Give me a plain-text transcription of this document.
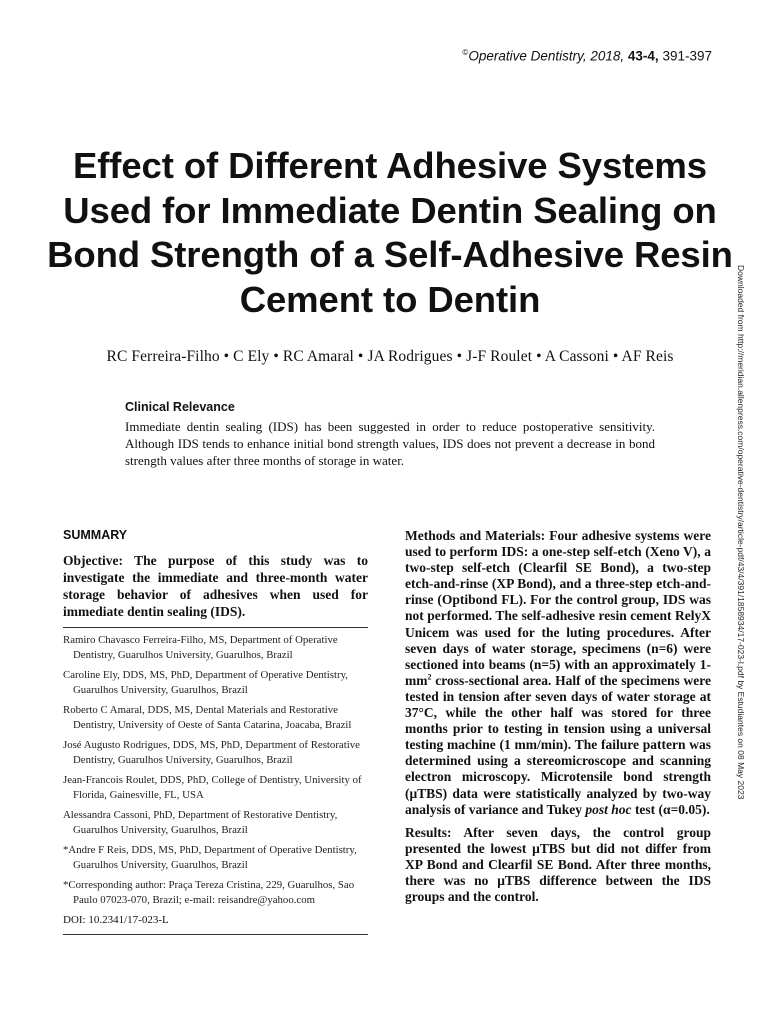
©Operative Dentistry, 2018, 43-4, 391-397
Effect of Different Adhesive Systems Used for Immediate Dentin Sealing on Bond Strength of a Self-Adhesive Resin Cement to Dentin
RC Ferreira-Filho • C Ely • RC Amaral • JA Rodrigues • J-F Roulet • A Cassoni • AF Reis
Clinical Relevance
Immediate dentin sealing (IDS) has been suggested in order to reduce postoperative sensitivity. Although IDS tends to enhance initial bond strength values, IDS does not prevent a decrease in bond strength values after three months of storage in water.	Downloaded from http://meridian.allenpress.com/operative-dentistry/article-pdf/43/4/391/1858934/17-023-l.pdf by Estudiantes on 08 May 2023
SUMMARY
Objective: The purpose of this study was to investigate the immediate and three-month water storage behavior of adhesives when used for immediate dentin sealing (IDS).
Ramiro Chavasco Ferreira-Filho, MS, Department of Operative Dentistry, Guarulhos University, Guarulhos, Brazil
Caroline Ely, DDS, MS, PhD, Department of Operative Dentistry, Guarulhos University, Guarulhos, Brazil
Roberto C Amaral, DDS, MS, Dental Materials and Restorative Dentistry, University of Oeste of Santa Catarina, Joacaba, Brazil
José Augusto Rodrigues, DDS, MS, PhD, Department of Restorative Dentistry, Guarulhos University, Guarulhos, Brazil
Jean-Francois Roulet, DDS, PhD, College of Dentistry, University of Florida, Gainesville, FL, USA
Alessandra Cassoni, PhD, Department of Restorative Dentistry, Guarulhos University, Guarulhos, Brazil
*Andre F Reis, DDS, MS, PhD, Department of Operative Dentistry, Guarulhos University, Guarulhos, Brazil
*Corresponding author: Praça Tereza Cristina, 229, Guarulhos, Sao Paulo 07023-070, Brazil; e-mail: reisandre@yahoo.com
DOI: 10.2341/17-023-L

Methods and Materials: Four adhesive systems were used to perform IDS: a one-step self-etch (Xeno V), a two-step self-etch (Clearfil SE Bond), a two-step etch-and-rinse (XP Bond), and a three-step etch-and-rinse (Optibond FL). For the control group, IDS was not performed. The self-adhesive resin cement RelyX Unicem was used for the luting procedures. After seven days of water storage, specimens (n=6) were sectioned into beams (n=5) with an approximately $1-mm^2$ cross-sectional area. Half of the specimens were tested in tension after seven days of water storage at 37°C, while the other half was stored for three months prior to testing in tension using a universal testing machine (1 mm/min). The failure pattern was determined using a stereomicroscope and scanning electron microscopy. Microtensile bond strength (μTBS) data were statistically analyzed by two-way analysis of variance and Tukey post hoc test (α=0.05).

Results: After seven days, the control group presented the lowest μTBS but did not differ from XP Bond and Clearfil SE Bond. After three months, there was no μTBS difference between the IDS groups and the control.
